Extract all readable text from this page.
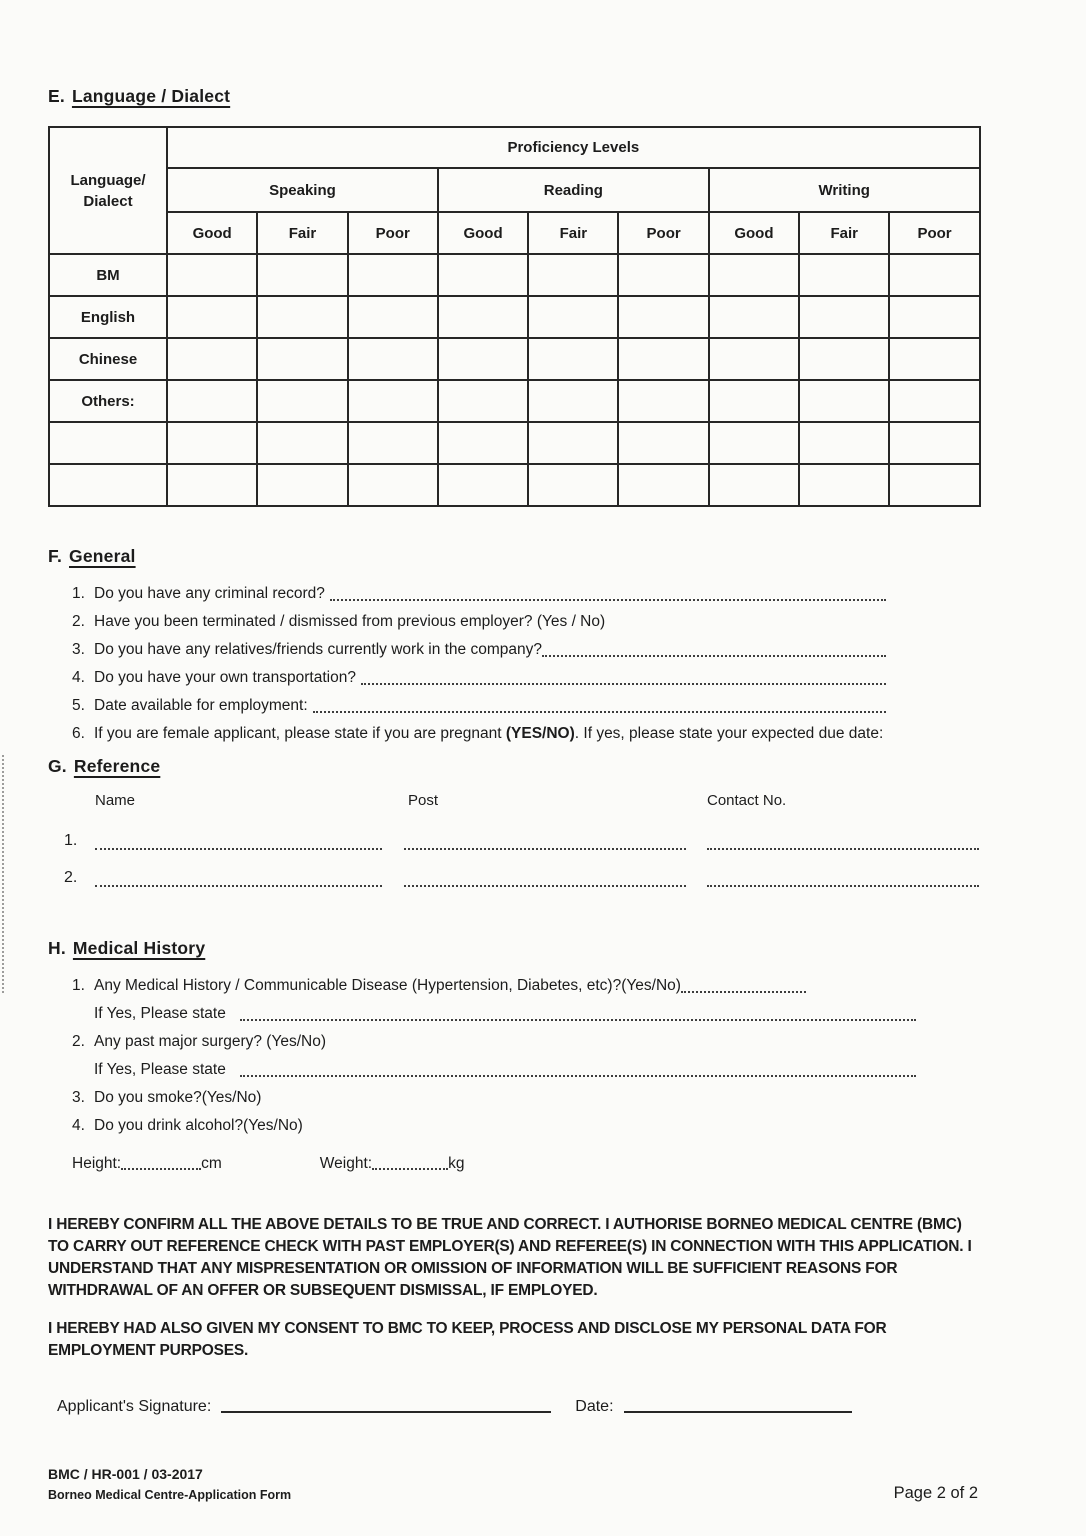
E. Language / Dialect
Language/
Dialect	Proficiency Levels								
	Speaking			Reading			Writing		
	Good	Fair	Poor	Good	Fair	Poor	Good	Fair	Poor
BM									
English									
Chinese									
Others:									

F. General
1. Do you have any criminal record?
2. Have you been terminated / dismissed from previous employer? (Yes / No)
3. Do you have any relatives/friends currently work in the company?
4. Do you have your own transportation?
5. Date available for employment:
6. If you are female applicant, please state if you are pregnant (YES/NO). If yes, please state your expected due date:
G. Reference
Name	Post	Contact No.
1.
2.
H. Medical History
1. Any Medical History / Communicable Disease (Hypertension, Diabetes, etc)?(Yes/No)
If Yes, Please state
2. Any past major surgery? (Yes/No)
If Yes, Please state
3. Do you smoke?(Yes/No)
4. Do you drink alcohol?(Yes/No)
Height:	cm	Weight:	kg

I HEREBY CONFIRM ALL THE ABOVE DETAILS TO BE TRUE AND CORRECT. I AUTHORISE BORNEO MEDICAL CENTRE (BMC) TO CARRY OUT REFERENCE CHECK WITH PAST EMPLOYER(S) AND REFEREE(S) IN CONNECTION WITH THIS APPLICATION. I UNDERSTAND THAT ANY MISPRESENTATION OR OMISSION OF INFORMATION WILL BE SUFFICIENT REASONS FOR WITHDRAWAL OF AN OFFER OR SUBSEQUENT DISMISSAL, IF EMPLOYED.

I HEREBY HAD ALSO GIVEN MY CONSENT TO BMC TO KEEP, PROCESS AND DISCLOSE MY PERSONAL DATA FOR EMPLOYMENT PURPOSES.

Applicant's Signature:	Date:
BMC / HR-001 / 03-2017
Borneo Medical Centre-Application Form	Page 2 of 2
